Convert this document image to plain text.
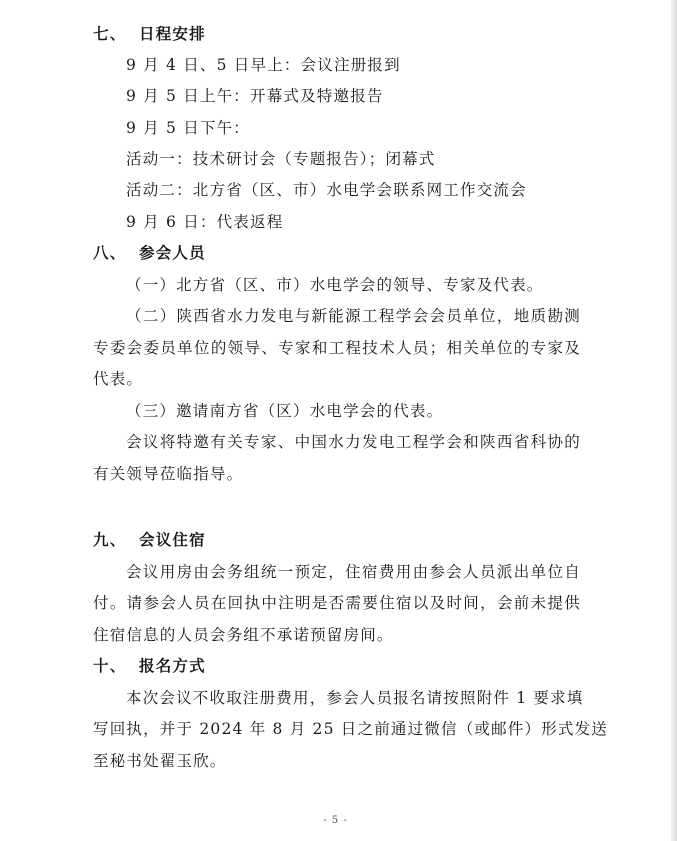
七、 日程安排
9 月 4 日、5 日早上：会议注册报到
9 月 5 日上午：开幕式及特邀报告
9 月 5 日下午：
活动一：技术研讨会（专题报告）；闭幕式
活动二：北方省（区、市）水电学会联系网工作交流会
9 月 6 日：代表返程
八、 参会人员
（一）北方省（区、市）水电学会的领导、专家及代表。
（二）陕西省水力发电与新能源工程学会会员单位，地质勘测
专委会委员单位的领导、专家和工程技术人员；相关单位的专家及
代表。
（三）邀请南方省（区）水电学会的代表。
会议将特邀有关专家、中国水力发电工程学会和陕西省科协的
有关领导莅临指导。
九、 会议住宿
会议用房由会务组统一预定，住宿费用由参会人员派出单位自
付。请参会人员在回执中注明是否需要住宿以及时间，会前未提供
住宿信息的人员会务组不承诺预留房间。
十、 报名方式
本次会议不收取注册费用，参会人员报名请按照附件 1 要求填
写回执，并于 2024 年 8 月 25 日之前通过微信（或邮件）形式发送
至秘书处翟玉欣。
- 5 -
